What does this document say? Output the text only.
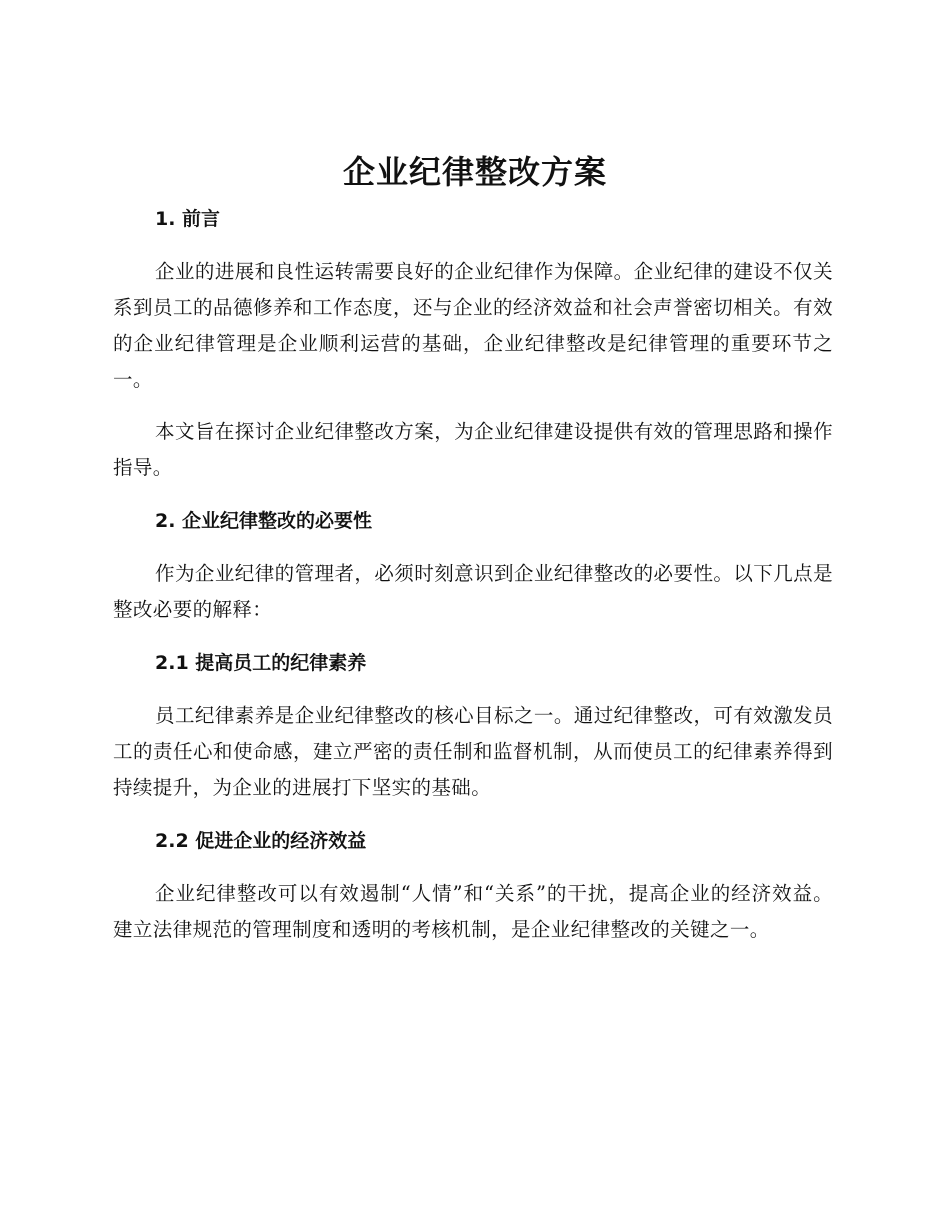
企业纪律整改方案
1. 前言

企业的进展和良性运转需要良好的企业纪律作为保障。企业纪律的建设不仅关系到员工的品德修养和工作态度，还与企业的经济效益和社会声誉密切相关。有效的企业纪律管理是企业顺利运营的基础，企业纪律整改是纪律管理的重要环节之一。

本文旨在探讨企业纪律整改方案，为企业纪律建设提供有效的管理思路和操作指导。

2. 企业纪律整改的必要性

作为企业纪律的管理者，必须时刻意识到企业纪律整改的必要性。以下几点是整改必要的解释：

2.1 提高员工的纪律素养

员工纪律素养是企业纪律整改的核心目标之一。通过纪律整改，可有效激发员工的责任心和使命感，建立严密的责任制和监督机制，从而使员工的纪律素养得到持续提升，为企业的进展打下坚实的基础。

2.2 促进企业的经济效益

企业纪律整改可以有效遏制“人情”和“关系”的干扰，提高企业的经济效益。建立法律规范的管理制度和透明的考核机制，是企业纪律整改的关键之一。
